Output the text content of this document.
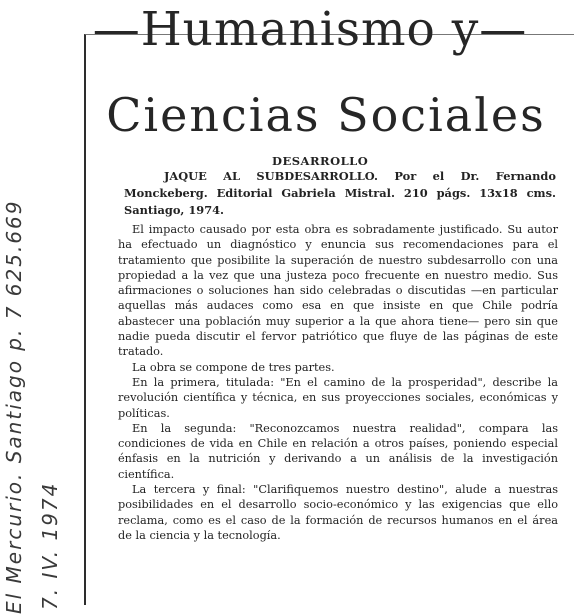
—Humanismo y—
Ciencias Sociales
DESARROLLO

JAQUE AL SUBDESARROLLO. Por el Dr. Fernando Monckeberg. Editorial Gabriela Mistral. 210 págs. 13x18 cms. Santiago, 1974.

El impacto causado por esta obra es sobradamente justificado. Su autor ha efectuado un diagnóstico y enuncia sus recomendaciones para el tratamiento que posibilite la superación de nuestro subdesarrollo con una propiedad a la vez que una justeza poco frecuente en nuestro medio. Sus afirmaciones o soluciones han sido celebradas o discutidas —en particular aquellas más audaces como esa en que insiste en que Chile podría abastecer una población muy superior a la que ahora tiene— pero sin que nadie pueda discutir el fervor patriótico que fluye de las páginas de este tratado.

La obra se compone de tres partes.

En la primera, titulada: "En el camino de la prosperidad", describe la revolución científica y técnica, en sus proyecciones sociales, económicas y políticas.

En la segunda: "Reconozcamos nuestra realidad", compara las condiciones de vida en Chile en relación a otros países, poniendo especial énfasis en la nutrición y derivando a un análisis de la investigación científica.

La tercera y final: "Clarifiquemos nuestro destino", alude a nuestras posibilidades en el desarrollo socio-económico y las exigencias que ello reclama, como es el caso de la formación de recursos humanos en el área de la ciencia y la tecnología.

El Mercurio. Santiago p. 7 625.669 7. IV. 1974
